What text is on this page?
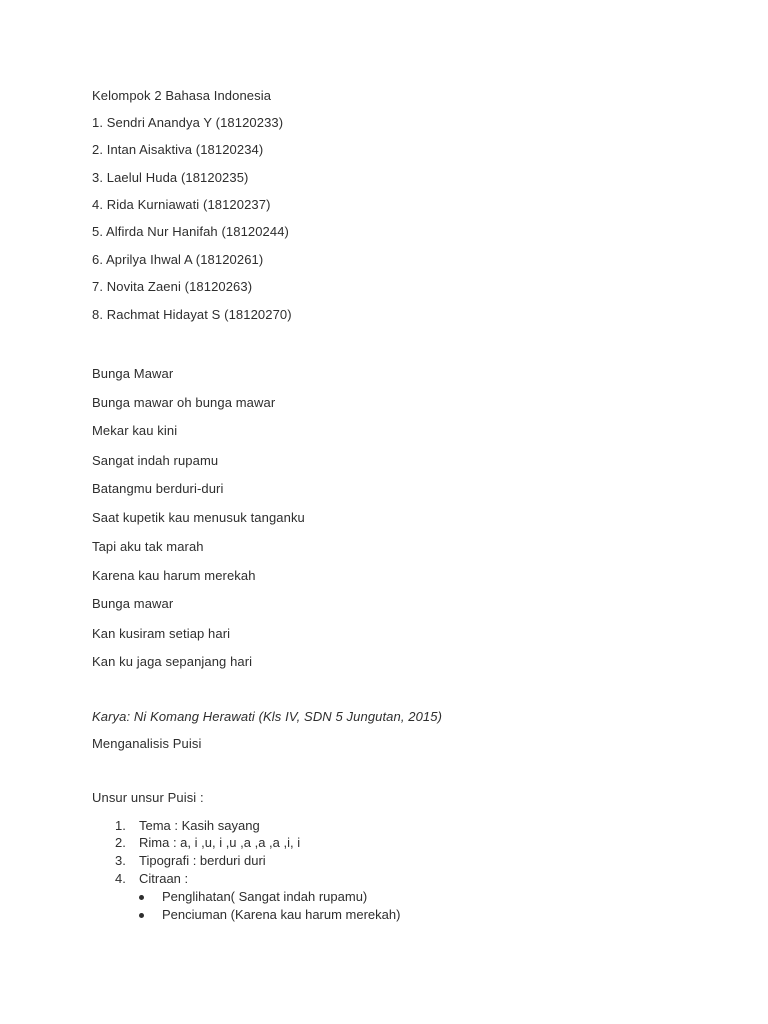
Kelompok 2 Bahasa Indonesia
1. Sendri Anandya Y (18120233)
2. Intan Aisaktiva (18120234)
3. Laelul Huda (18120235)
4. Rida Kurniawati (18120237)
5. Alfirda Nur Hanifah (18120244)
6. Aprilya Ihwal A (18120261)
7. Novita Zaeni (18120263)
8. Rachmat Hidayat S (18120270)
Bunga Mawar
Bunga mawar oh bunga mawar
Mekar kau kini
Sangat indah rupamu
Batangmu berduri-duri
Saat kupetik kau menusuk tanganku
Tapi aku tak marah
Karena kau harum merekah
Bunga mawar
Kan kusiram setiap hari
Kan ku jaga sepanjang hari
Karya: Ni Komang Herawati (Kls IV, SDN 5 Jungutan, 2015)
Menganalisis Puisi
Unsur unsur Puisi :
1. Tema : Kasih sayang
2. Rima : a, i ,u, i ,u ,a ,a ,a ,i, i
3. Tipografi : berduri duri
4. Citraan :
Penglihatan( Sangat indah rupamu)
Penciuman (Karena kau harum merekah)
